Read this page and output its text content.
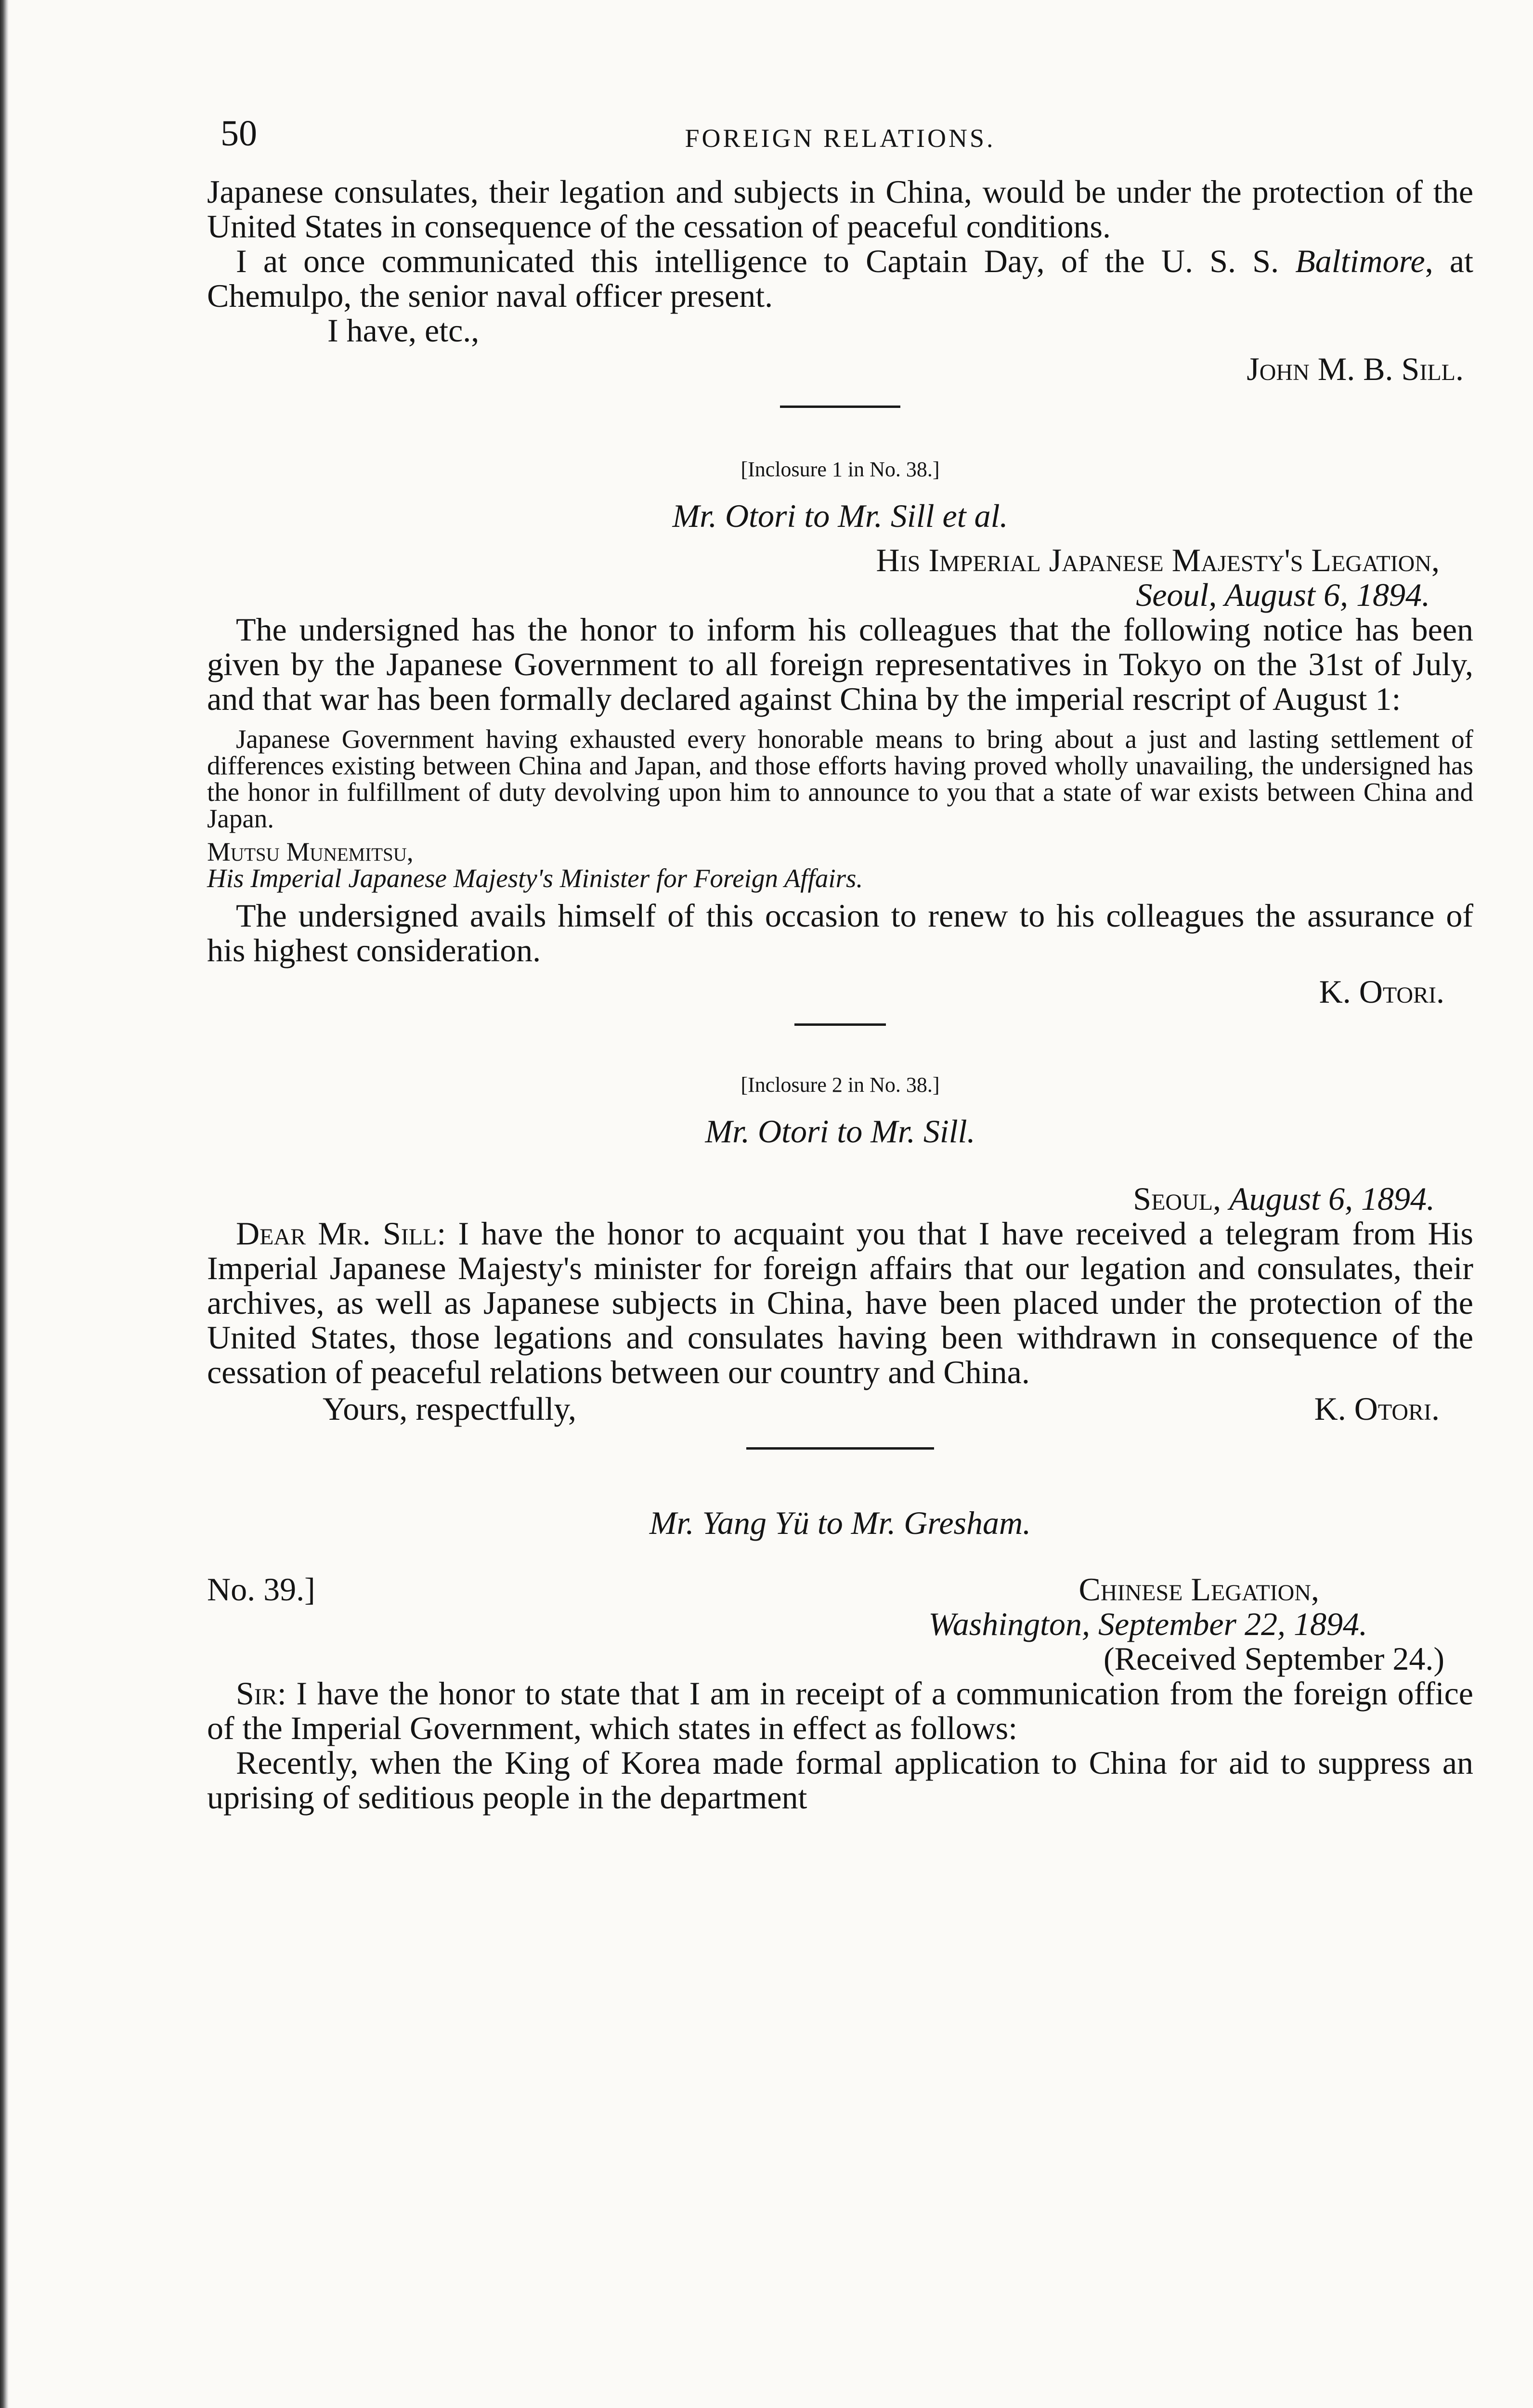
50	FOREIGN RELATIONS.

Japanese consulates, their legation and subjects in China, would be under the protection of the United States in consequence of the cessation of peaceful conditions.

I at once communicated this intelligence to Captain Day, of the U. S. S. Baltimore, at Chemulpo, the senior naval officer present.

I have, etc.,

John M. B. Sill.

[Inclosure 1 in No. 38.]

Mr. Otori to Mr. Sill et al.

His Imperial Japanese Majesty's Legation,

Seoul, August 6, 1894.

The undersigned has the honor to inform his colleagues that the following notice has been given by the Japanese Government to all foreign representatives in Tokyo on the 31st of July, and that war has been formally declared against China by the imperial rescript of August 1:

Japanese Government having exhausted every honorable means to bring about a just and lasting settlement of differences existing between China and Japan, and those efforts having proved wholly unavailing, the undersigned has the honor in fulfillment of duty devolving upon him to announce to you that a state of war exists between China and Japan.

Mutsu Munemitsu,

His Imperial Japanese Majesty's Minister for Foreign Affairs.

The undersigned avails himself of this occasion to renew to his colleagues the assurance of his highest consideration.

K. Otori.

[Inclosure 2 in No. 38.]

Mr. Otori to Mr. Sill.

Seoul, August 6, 1894.

Dear Mr. Sill: I have the honor to acquaint you that I have received a telegram from His Imperial Japanese Majesty's minister for foreign affairs that our legation and consulates, their archives, as well as Japanese subjects in China, have been placed under the protection of the United States, those legations and consulates having been withdrawn in consequence of the cessation of peaceful relations between our country and China.

Yours, respectfully,	K. Otori.

Mr. Yang Yü to Mr. Gresham.

No. 39.]	Chinese Legation,

Washington, September 22, 1894.

(Received September 24.)

Sir: I have the honor to state that I am in receipt of a communication from the foreign office of the Imperial Government, which states in effect as follows:

Recently, when the King of Korea made formal application to China for aid to suppress an uprising of seditious people in the department
